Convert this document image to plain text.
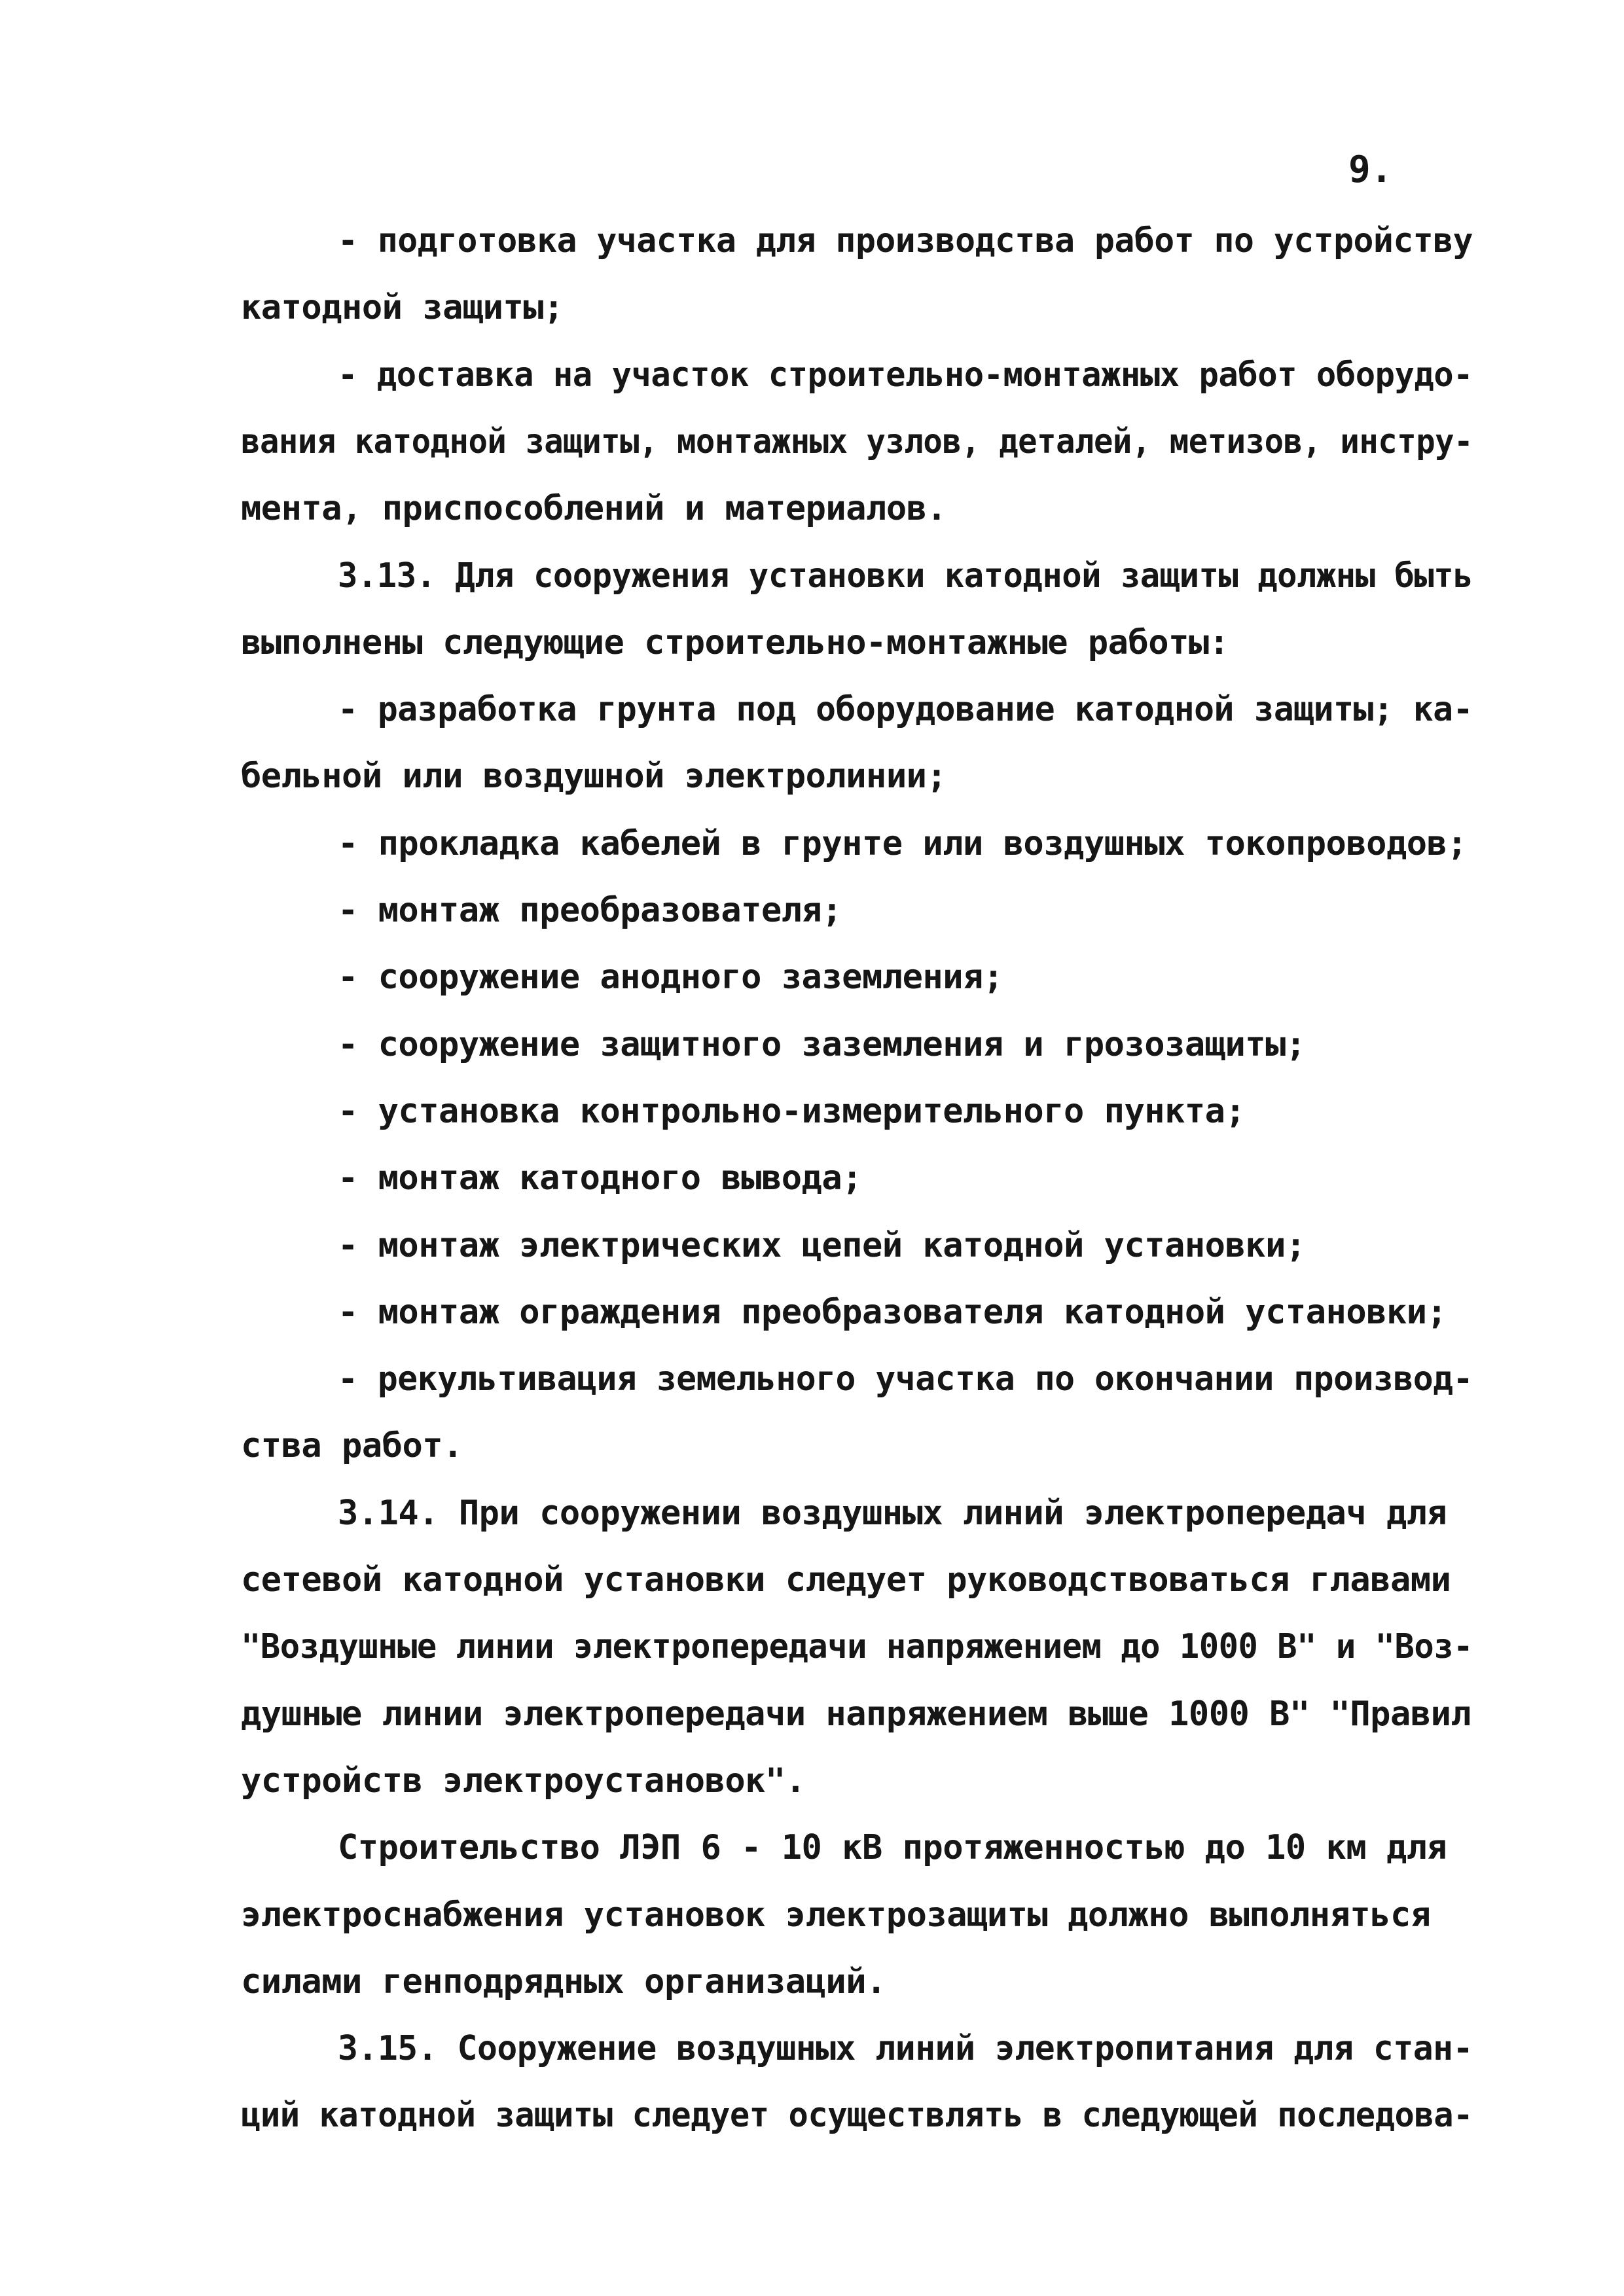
9.
- подготовка участка для производства работ по устройству
катодной защиты;
- доставка на участок строительно-монтажных работ оборудо-
вания катодной защиты, монтажных узлов, деталей, метизов, инстру-
мента, приспособлений и материалов.
3.13. Для сооружения установки катодной защиты должны быть
выполнены следующие строительно-монтажные работы:
- разработка грунта под оборудование катодной защиты; ка-
бельной или воздушной электролинии;
- прокладка кабелей в грунте или воздушных токопроводов;
- монтаж преобразователя;
- сооружение анодного заземления;
- сооружение защитного заземления и грозозащиты;
- установка контрольно-измерительного пункта;
- монтаж катодного вывода;
- монтаж электрических цепей катодной установки;
- монтаж ограждения преобразователя катодной установки;
- рекультивация земельного участка по окончании производ-
ства работ.
3.14. При сооружении воздушных линий электропередач для
сетевой катодной установки следует руководствоваться главами
"Воздушные линии электропередачи напряжением до 1000 В" и "Воз-
душные линии электропередачи напряжением выше 1000 В" "Правил
устройств электроустановок".
Строительство ЛЭП 6 - 10 кВ протяженностью до 10 км для
электроснабжения установок электрозащиты должно выполняться
силами генподрядных организаций.
3.15. Сооружение воздушных линий электропитания для стан-
ций катодной защиты следует осуществлять в следующей последова-
